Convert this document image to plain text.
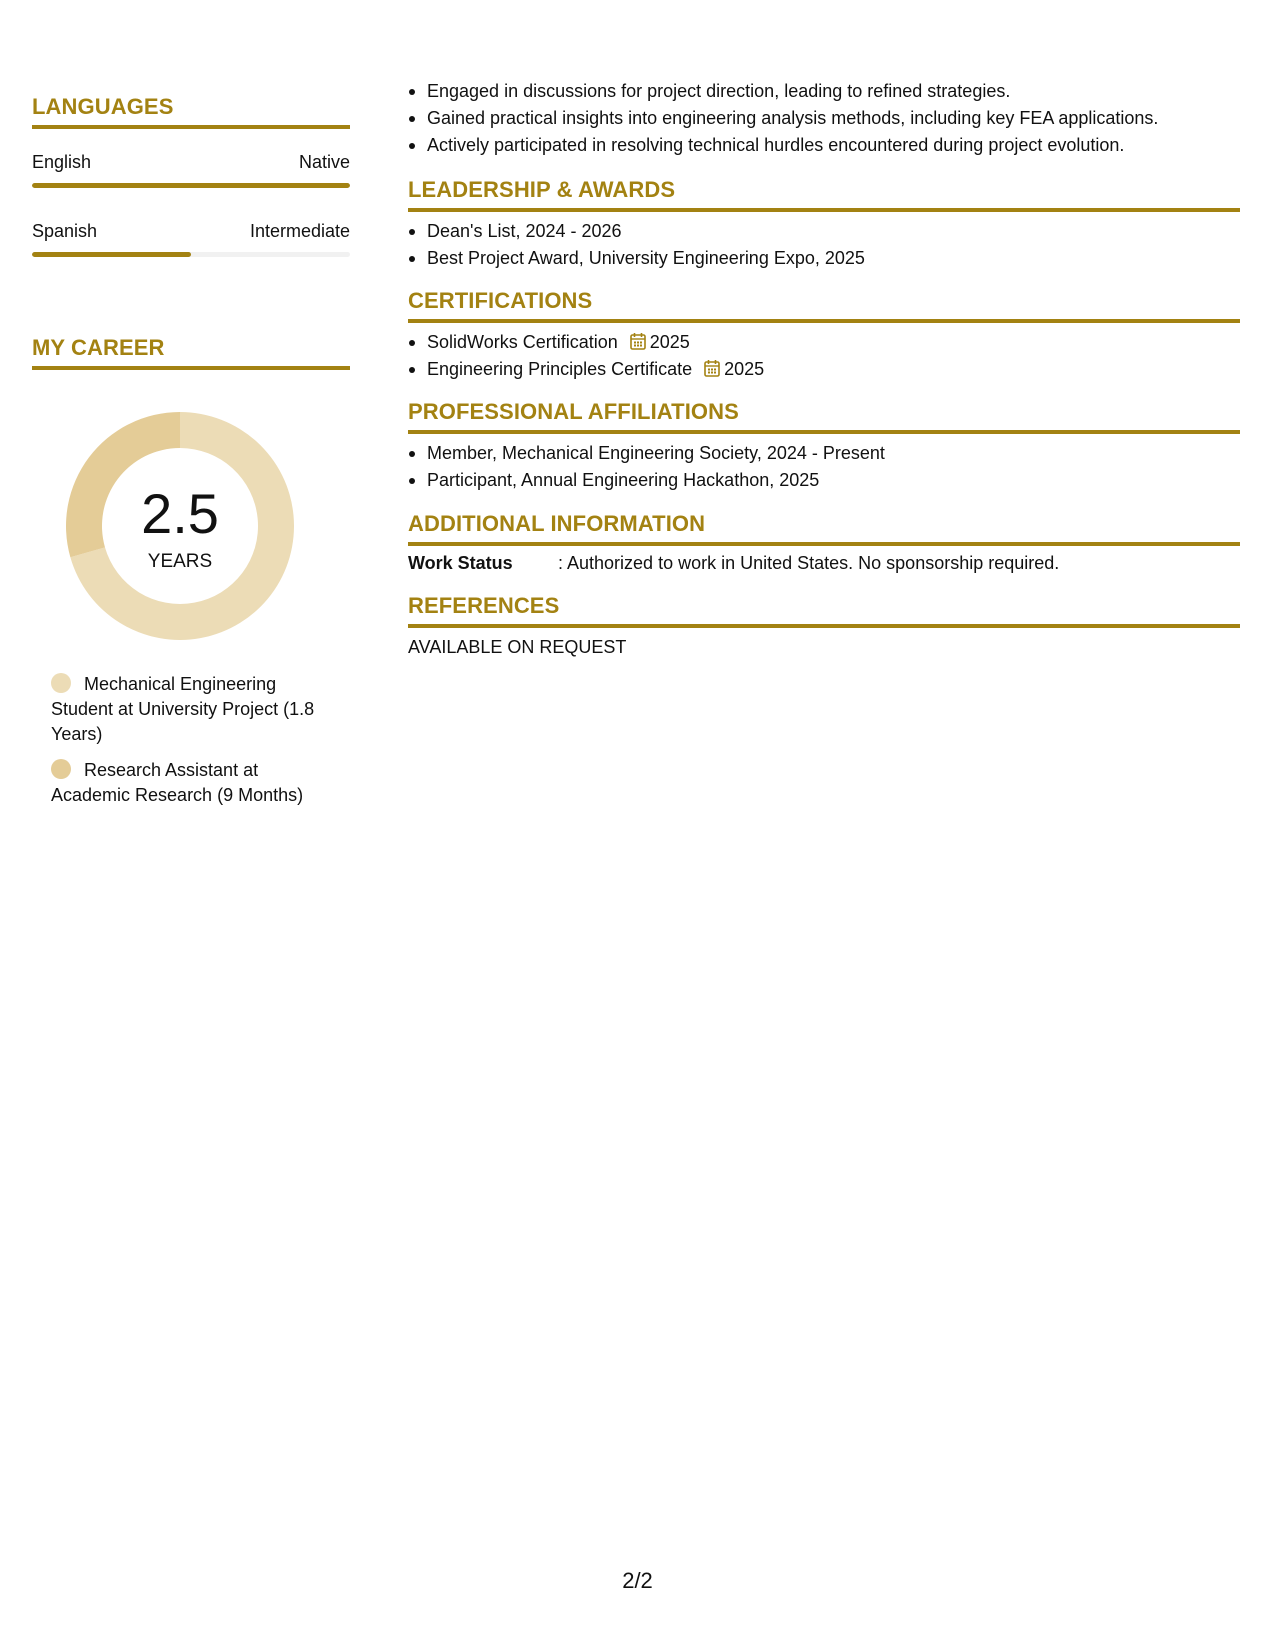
LANGUAGES
English	Native
Spanish	Intermediate
MY CAREER
2.5
YEARS
Mechanical Engineering Student at University Project (1.8 Years)
Research Assistant at Academic Research (9 Months)
Engaged in discussions for project direction, leading to refined strategies.
Gained practical insights into engineering analysis methods, including key FEA applications.
Actively participated in resolving technical hurdles encountered during project evolution.
LEADERSHIP & AWARDS
Dean's List, 2024 - 2026
Best Project Award, University Engineering Expo, 2025
CERTIFICATIONS
SolidWorks Certification 2025
Engineering Principles Certificate 2025
PROFESSIONAL AFFILIATIONS
Member, Mechanical Engineering Society, 2024 - Present
Participant, Annual Engineering Hackathon, 2025
ADDITIONAL INFORMATION
Work Status	: Authorized to work in United States. No sponsorship required.
REFERENCES
AVAILABLE ON REQUEST
2/2
